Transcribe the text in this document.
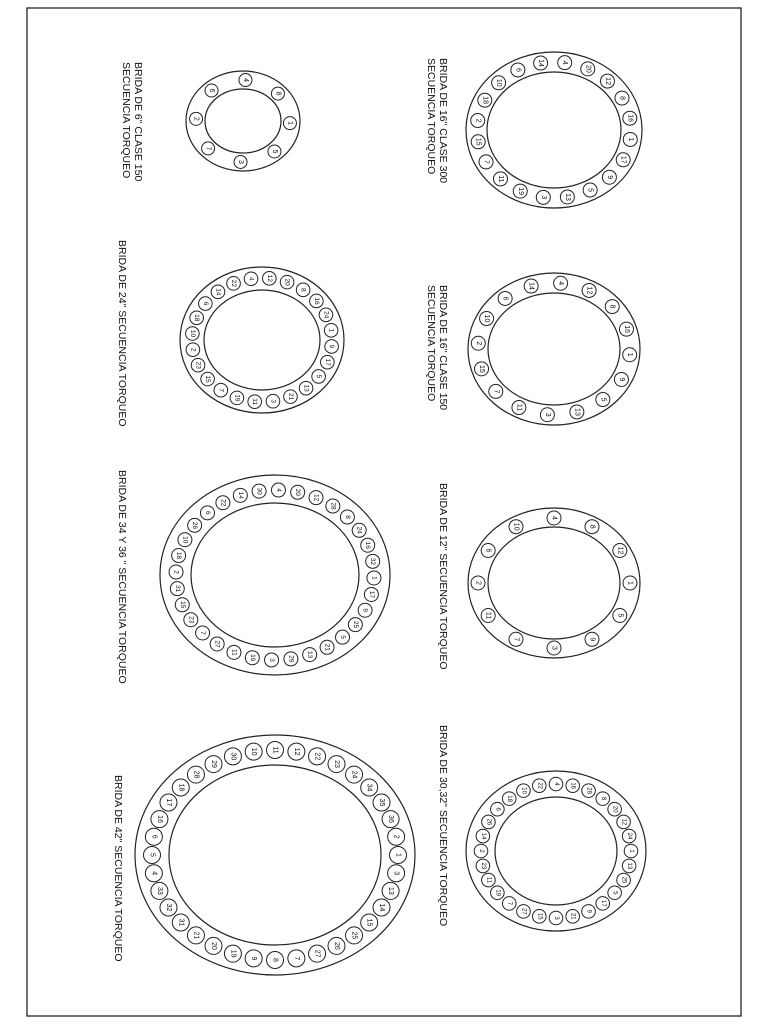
1
17
9
5
13
3
19
11
7
15
2
18
10
6
14 4
20
12
8
16
BRIDA DE 16" CLASE 300 SECUENCIA TORQUEO
1
5
3
7
2
6
4
8
BRIDA DE 6" CLASE 150 SECUENCIA TORQUEO
1
9
5
13
3
11
7
15
2
10
6
14	4
12
8
16
BRIDA DE 16" CLASE 150 SECUENCIA TORQUEO
9
17
5
13
21
3
11
19
7
15
23
2
10
18
6
14
22
4 12
20
8
16
24
1
BRIDA DE 24" SECUENCIA TORQUEO
1
5
9
3
7
11
2
6
10
4
8
12
BRIDA DE 12" SECUENCIA TORQUEO
1
17
9
25
5
21
13
29
3
19
11
27
7
23
15
31
2
18
10
26
6
22
14
30 4 20
12
28
8
24
16
32
BRIDA DE 34 Y 36 " SECUENCIA TORQUEO
1
13
25
5
17
9
21
3
15
27
7
19
11
23
2
14
26
6
18
10
22 4 16
28
8
20
12
24
BRIDA DE 30,32" SECUENCIA TORQUEO
1
3
13
14
15
25
26
27
7
8
9
19
20
21
31
32
33
4
5
6
16
17
18
28
29
30
10 11 12
22
23
24
34
35
36
2
BRIDA DE 42" SECUENCIA TORQUEO
